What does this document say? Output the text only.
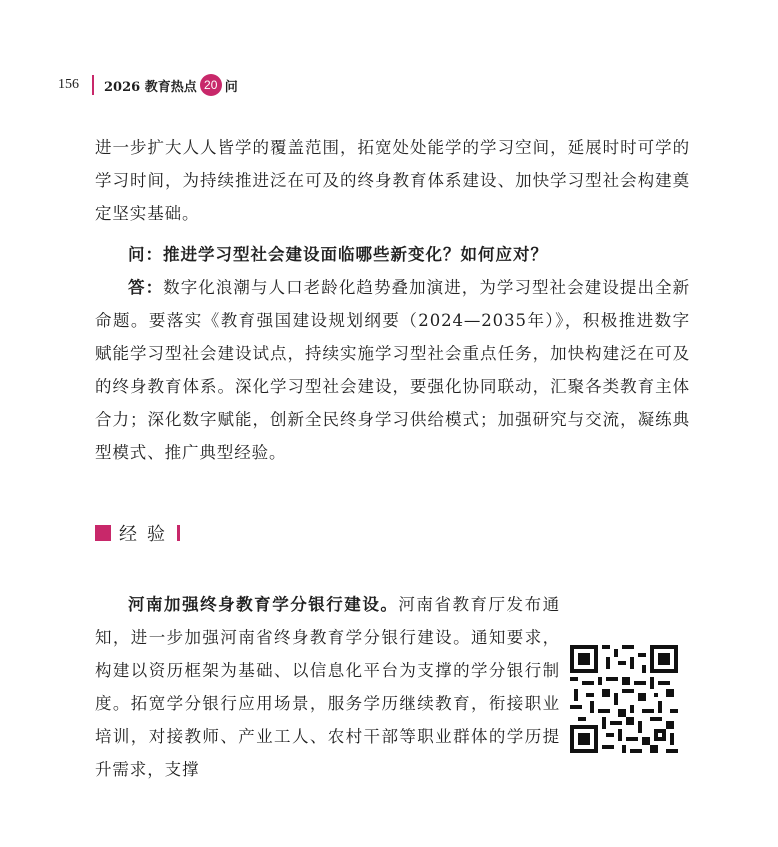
156 2026 教育热点 20 问

进一步扩大人人皆学的覆盖范围，拓宽处处能学的学习空间，延展时时可学的学习时间，为持续推进泛在可及的终身教育体系建设、加快学习型社会构建奠定坚实基础。

问：推进学习型社会建设面临哪些新变化？如何应对？

答：数字化浪潮与人口老龄化趋势叠加演进，为学习型社会建设提出全新命题。要落实《教育强国建设规划纲要（2024—2035年）》，积极推进数字赋能学习型社会建设试点，持续实施学习型社会重点任务，加快构建泛在可及的终身教育体系。深化学习型社会建设，要强化协同联动，汇聚各类教育主体合力；深化数字赋能，创新全民终身学习供给模式；加强研究与交流，凝练典型模式、推广典型经验。

经验

河南加强终身教育学分银行建设。河南省教育厅发布通知，进一步加强河南省终身教育学分银行建设。通知要求，构建以资历框架为基础、以信息化平台为支撑的学分银行制度。拓宽学分银行应用场景，服务学历继续教育，衔接职业培训，对接教师、产业工人、农村干部等职业群体的学历提升需求，支撑
